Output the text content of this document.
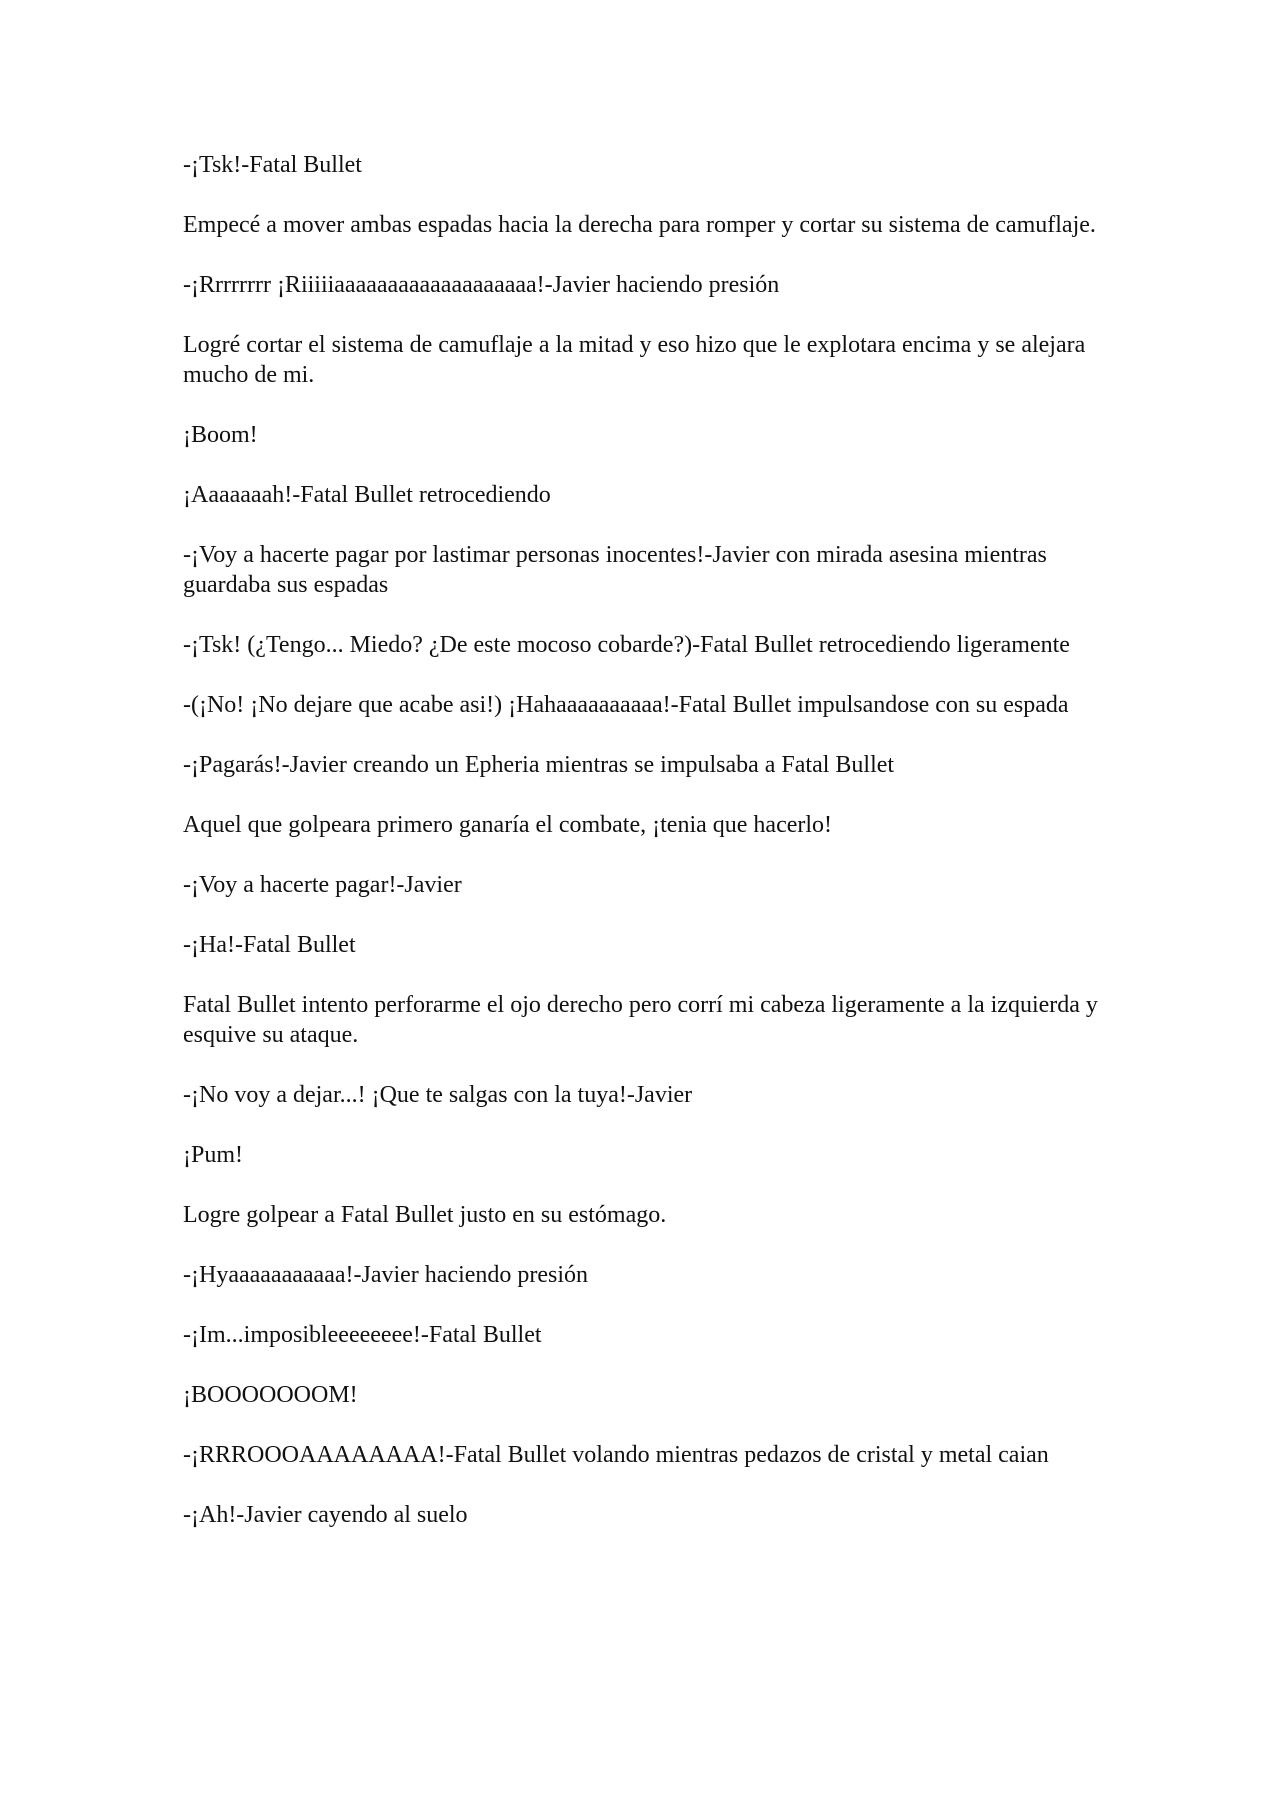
-¡Tsk!-Fatal Bullet

Empecé a mover ambas espadas hacia la derecha para romper y cortar su sistema de camuflaje.

-¡Rrrrrrrr ¡Riiiiiaaaaaaaaaaaaaaaaaaa!-Javier haciendo presión

Logré cortar el sistema de camuflaje a la mitad y eso hizo que le explotara encima y se alejara mucho de mi.

¡Boom!

¡Aaaaaaah!-Fatal Bullet retrocediendo

-¡Voy a hacerte pagar por lastimar personas inocentes!-Javier con mirada asesina mientras guardaba sus espadas

-¡Tsk! (¿Tengo... Miedo? ¿De este mocoso cobarde?)-Fatal Bullet retrocediendo ligeramente

-(¡No! ¡No dejare que acabe asi!) ¡Hahaaaaaaaaaa!-Fatal Bullet impulsandose con su espada

-¡Pagarás!-Javier creando un Epheria mientras se impulsaba a Fatal Bullet

Aquel que golpeara primero ganaría el combate, ¡tenia que hacerlo!

-¡Voy a hacerte pagar!-Javier

-¡Ha!-Fatal Bullet

Fatal Bullet intento perforarme el ojo derecho pero corrí mi cabeza ligeramente a la izquierda y esquive su ataque.

-¡No voy a dejar...! ¡Que te salgas con la tuya!-Javier

¡Pum!

Logre golpear a Fatal Bullet justo en su estómago.

-¡Hyaaaaaaaaaaa!-Javier haciendo presión

-¡Im...imposibleeeeeeee!-Fatal Bullet

¡BOOOOOOOM!

-¡RRROOOAAAAAAAA!-Fatal Bullet volando mientras pedazos de cristal y metal caian

-¡Ah!-Javier cayendo al suelo
